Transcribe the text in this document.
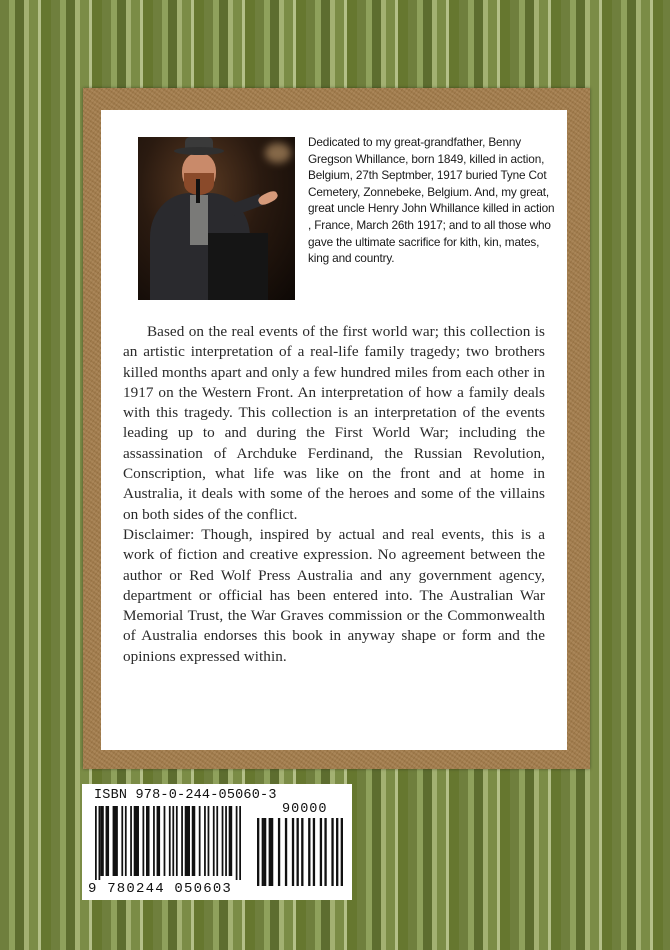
Dedicated to my great-grandfather, Benny Gregson Whillance, born 1849, killed in action, Belgium, 27th Septmber, 1917 buried Tyne Cot Cemetery, Zonnebeke, Belgium. And, my great, great uncle Henry John Whillance killed in action , France, March 26th 1917; and to all those who gave the ultimate sacrifice for kith, kin, mates, king and country.

Based on the real events of the first world war; this collection is an artistic interpretation of a real-life family tragedy; two brothers killed months apart and only a few hundred miles from each other in 1917 on the Western Front. An interpretation of how a family deals with this tragedy. This collection is an interpretation of the events leading up to and during the First World War; including the assassination of Archduke Ferdinand, the Russian Revolution, Conscription, what life was like on the front and at home in Australia, it deals with some of the heroes and some of the villains on both sides of the conflict.

Disclaimer: Though, inspired by actual and real events, this is a work of fiction and creative expression. No agreement between the author or Red Wolf Press Australia and any government agency, department or official has been entered into. The Australian War Memorial Trust, the War Graves commission or the Commonwealth of Australia endorses this book in anyway shape or form and the opinions expressed within.

ISBN 978-0-244-05060-3
9 780244 050603
90000
